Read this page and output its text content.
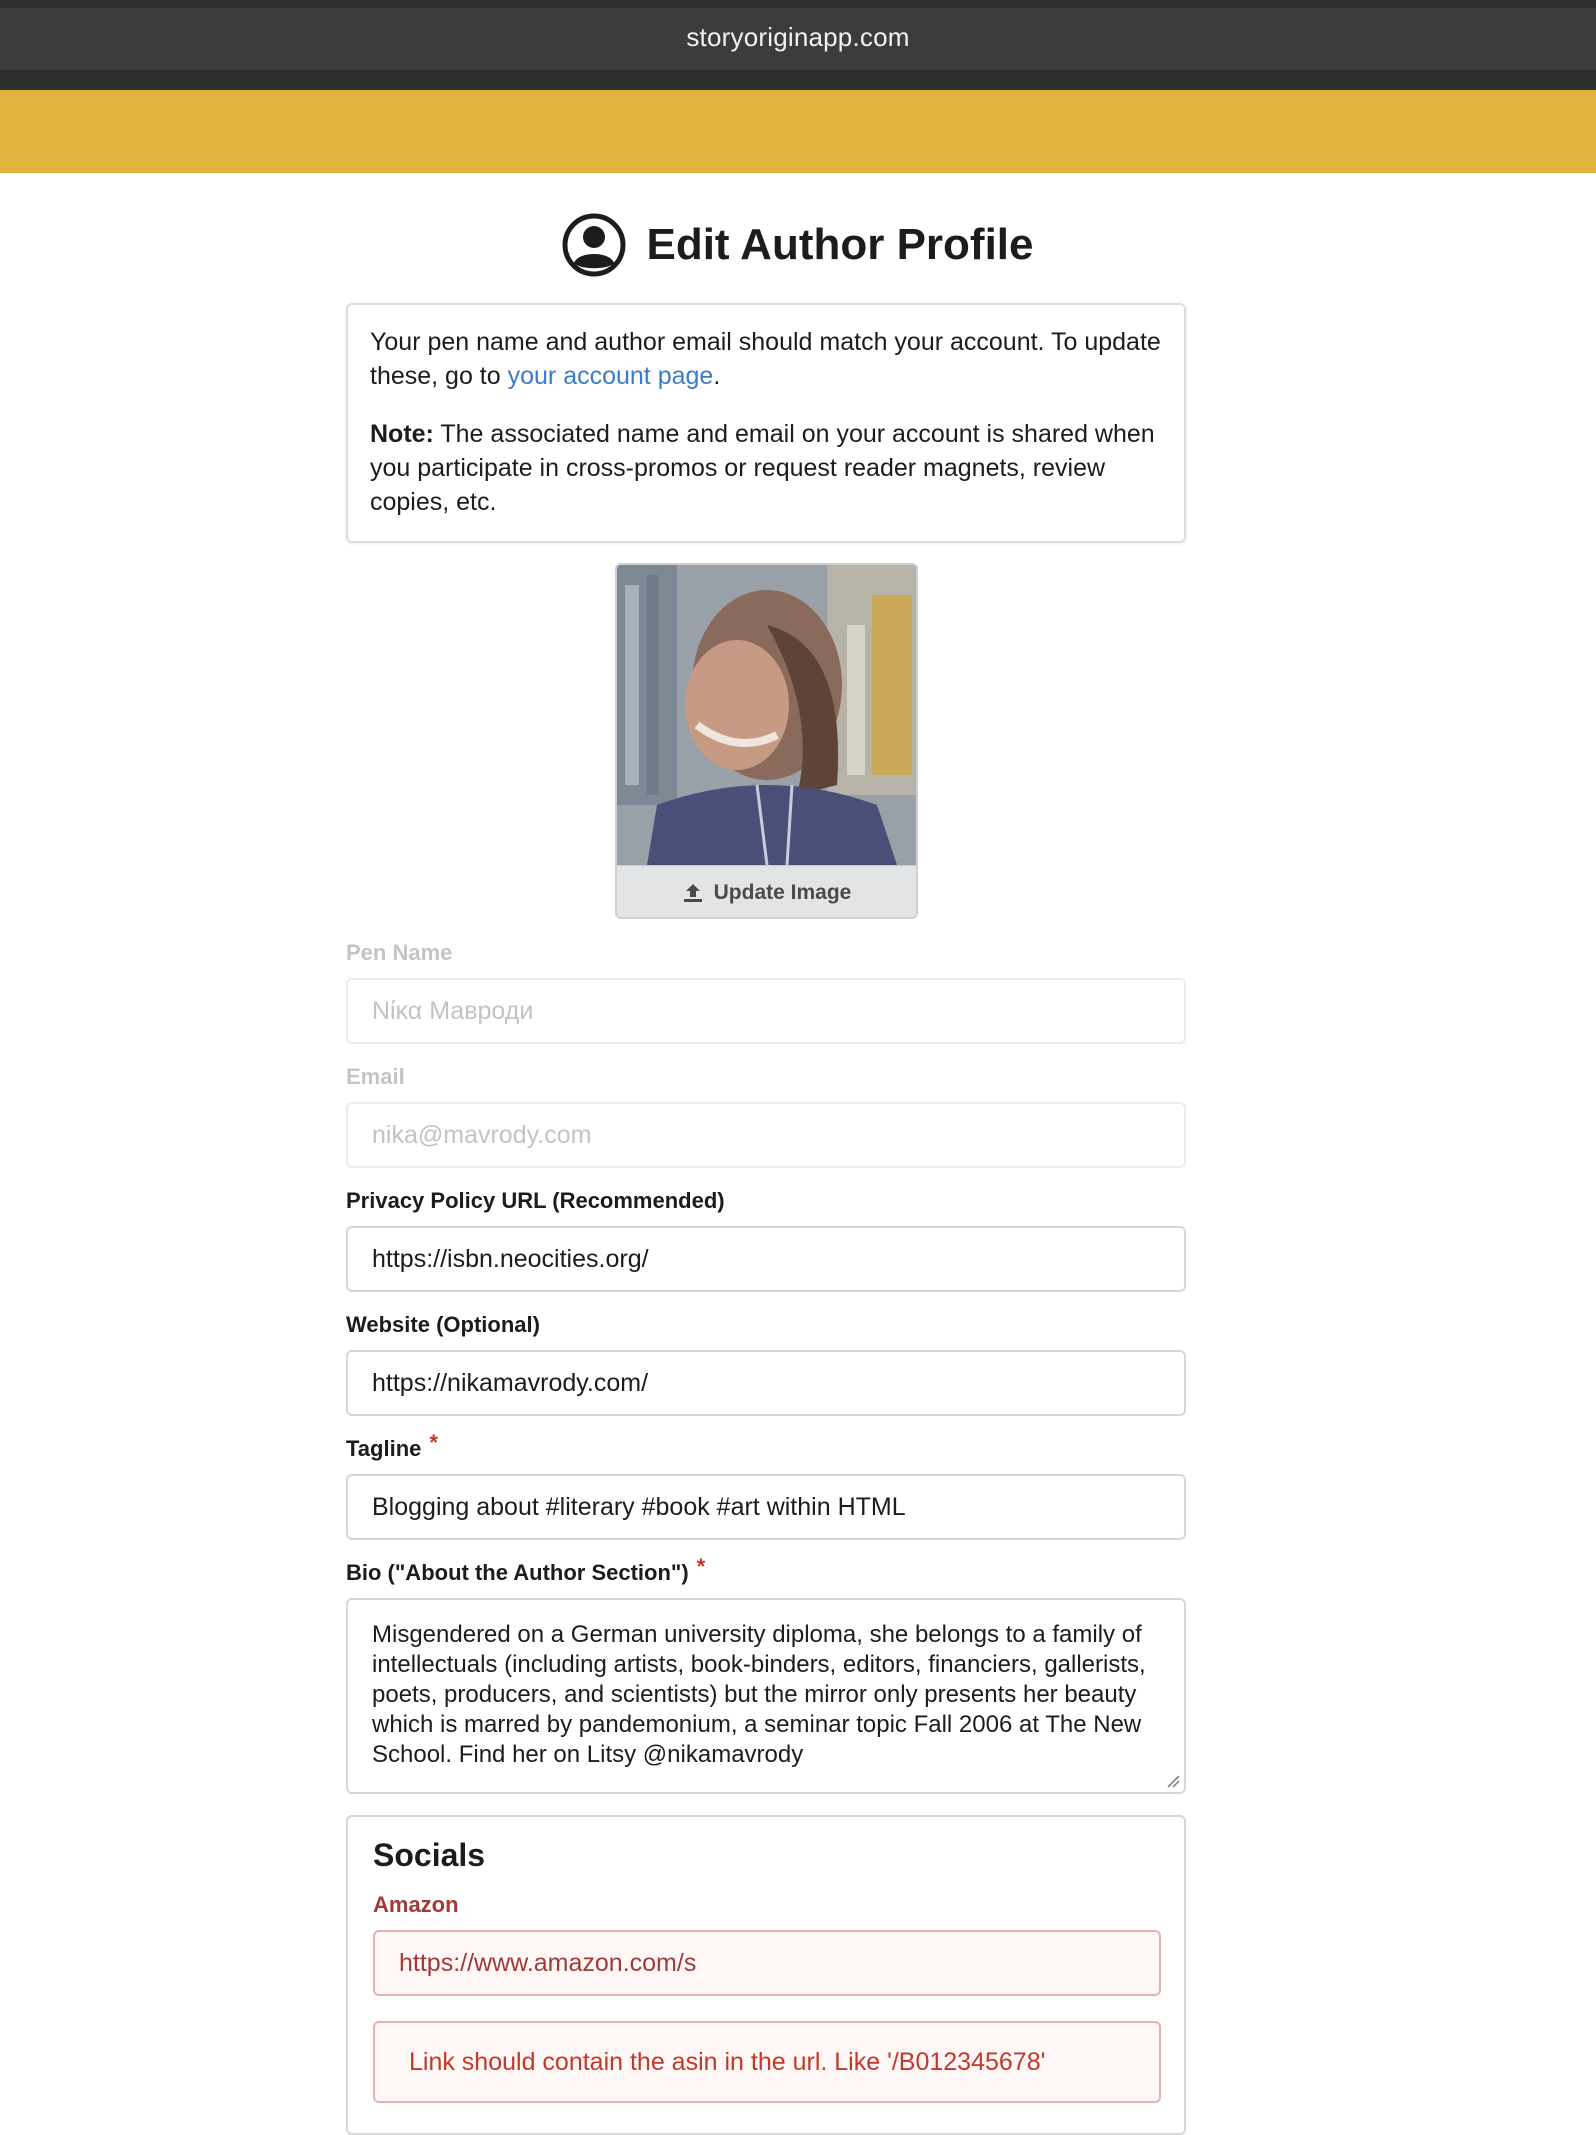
storyoriginapp.com
Edit Author Profile

Your pen name and author email should match your account. To update these, go to your account page.

Note: The associated name and email on your account is shared when you participate in cross-promos or request reader magnets, review copies, etc.

Update Image
Pen Name
Νίκα Мавроди
Email
nika@mavrody.com
Privacy Policy URL (Recommended)
https://isbn.neocities.org/
Website (Optional)
https://nikamavrody.com/
Tagline *
Blogging about #literary #book #art within HTML
Bio ("About the Author Section") *
Misgendered on a German university diploma, she belongs to a family of intellectuals (including artists, book-binders, editors, financiers, gallerists, poets, producers, and scientists) but the mirror only presents her beauty which is marred by pandemonium, a seminar topic Fall 2006 at The New School. Find her on Litsy @nikamavrody
Socials
Amazon
https://www.amazon.com/s
Link should contain the asin in the url. Like '/B012345678'
